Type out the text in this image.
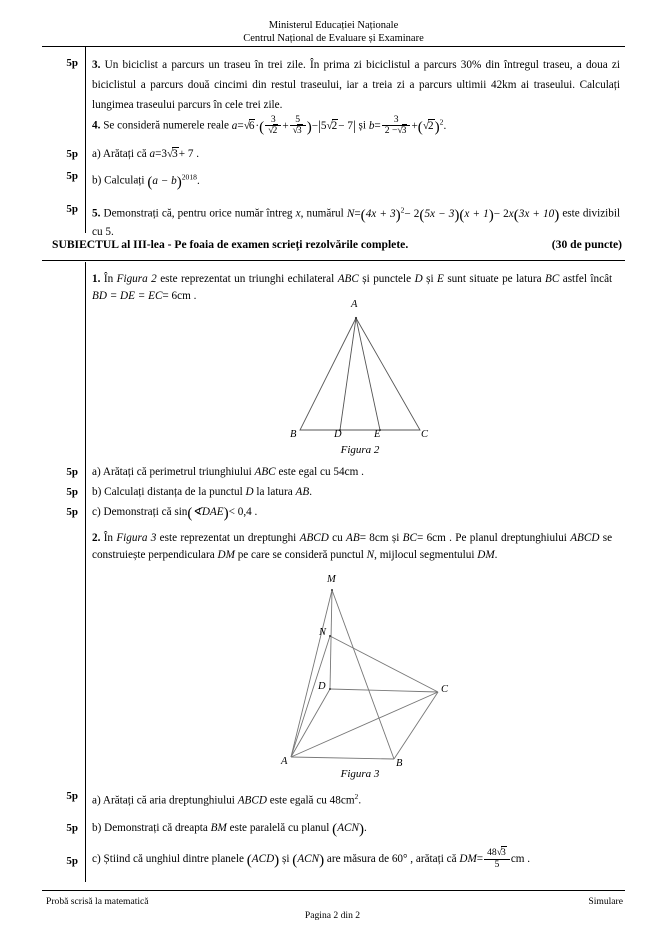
Ministerul Educației Naționale
Centrul Național de Evaluare și Examinare
5p 3. Un biciclist a parcurs un traseu în trei zile. În prima zi biciclistul a parcurs 30% din întregul traseu, a doua zi biciclistul a parcurs două cincimi din restul traseului, iar a treia zi a parcurs ultimii 42km ai traseului. Calculați lungimea traseului parcurs în cele trei zile.
4. Se consideră numerele reale $a=√6\cdot( \frac{3}{√2} + \frac{5}{√3} )-|5√2- 7|$ și $b= \frac{3}{2 -√3} +(√2)^2$.
5p a) Arătați că a=3√3+ 7 .
5p b) Calculați $(a - b)^{2018}$.
5p 5. Demonstrați că, pentru orice număr întreg x, numărul $N=(4x + 3)^2- 2(5x - 3)(x + 1)- 2x(3x + 10)$ este divizibil cu 5.
(30 de puncte)
SUBIECTUL al III-lea - Pe foaia de examen scrieți rezolvările complete.
1. În Figura 2 este reprezentat un triunghi echilateral ABC și punctele D și E sunt situate pe latura BC astfel încât BD = DE = EC= 6cm .
A
B	D	E	C
Figura 2
5p a) Arătați că perimetrul triunghiului ABC este egal cu 54cm .
5p b) Calculați distanța de la punctul D la latura AB.
5p c) Demonstrați că sin(∢DAE)< 0,4 .
2. În Figura 3 este reprezentat un dreptunghi ABCD cu AB= 8cm și BC= 6cm . Pe planul dreptunghiului ABCD se construiește perpendiculara DM pe care se consideră punctul N, mijlocul segmentului DM.
M
N
D	C
A	B
Figura 3
5p a) Arătați că aria dreptunghiului ABCD este egală cu $48cm^2$.
5p b) Demonstrați că dreapta BM este paralelă cu planul (ACN).
5p c) Știind că unghiul dintre planele (ACD) și (ACN) are măsura de 60° , arătați că $DM= \frac{48√3}{5}$ cm .
Probă scrisă la matematică	Simulare
Pagina 2 din 2
